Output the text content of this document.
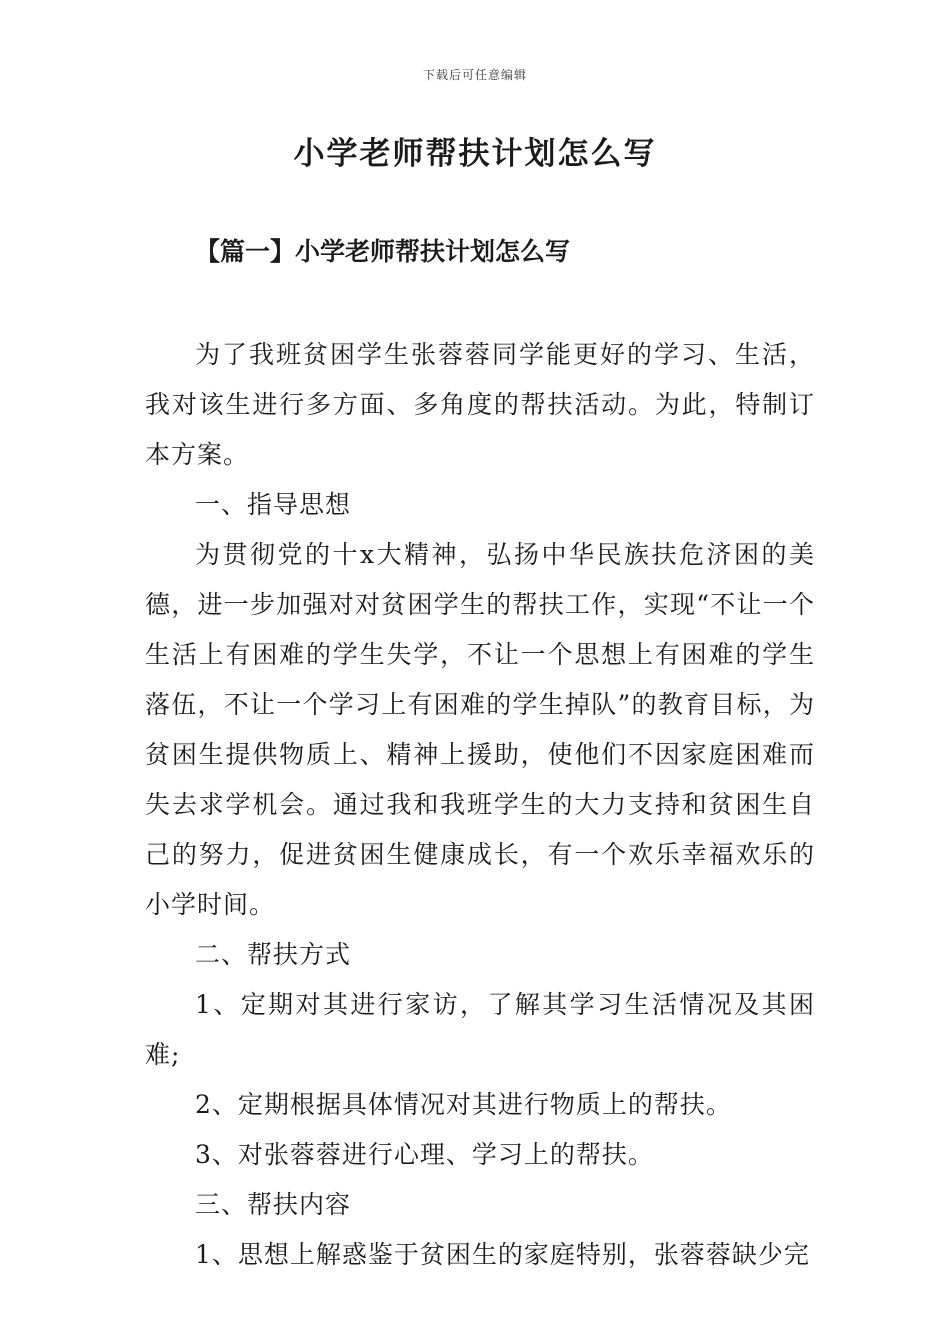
下载后可任意编辑
小学老师帮扶计划怎么写
【篇一】小学老师帮扶计划怎么写

为了我班贫困学生张蓉蓉同学能更好的学习、生活，我对该生进行多方面、多角度的帮扶活动。为此，特制订本方案。

一、指导思想

为贯彻党的十x大精神，弘扬中华民族扶危济困的美德，进一步加强对对贫困学生的帮扶工作，实现“不让一个生活上有困难的学生失学，不让一个思想上有困难的学生落伍，不让一个学习上有困难的学生掉队”的教育目标，为贫困生提供物质上、精神上援助，使他们不因家庭困难而失去求学机会。通过我和我班学生的大力支持和贫困生自己的努力，促进贫困生健康成长，有一个欢乐幸福欢乐的小学时间。

二、帮扶方式

1、定期对其进行家访，了解其学习生活情况及其困难;

2、定期根据具体情况对其进行物质上的帮扶。

3、对张蓉蓉进行心理、学习上的帮扶。

三、帮扶内容

1、思想上解惑鉴于贫困生的家庭特别，张蓉蓉缺少完
